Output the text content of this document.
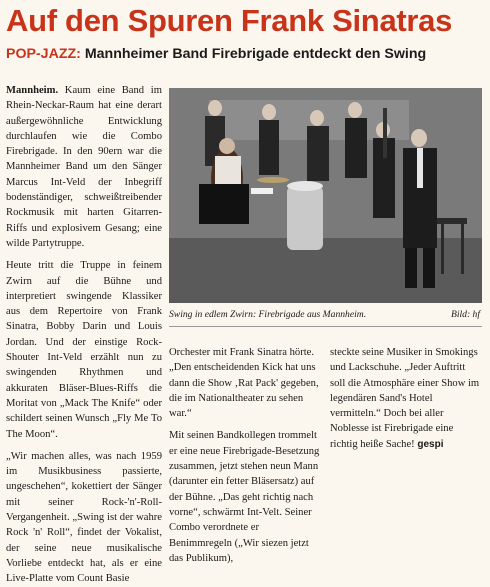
Auf den Spuren Frank Sinatras
POP-JAZZ: Mannheimer Band Firebrigade entdeckt den Swing

Mannheim. Kaum eine Band im Rhein-Neckar-Raum hat eine derart außergewöhnliche Entwicklung durchlaufen wie die Combo Firebrigade. In den 90ern war die Mannheimer Band um den Sänger Marcus Int-Veld der Inbegriff bodenständiger, schweißtreibender Rockmusik mit harten Gitarren-Riffs und explosivem Gesang; eine wilde Partytruppe.

Heute tritt die Truppe in feinem Zwirn auf die Bühne und interpretiert swingende Klassiker aus dem Repertoire von Frank Sinatra, Bobby Darin und Louis Jordan. Und der einstige Rock-Shouter Int-Veld erzählt nun zu swingenden Rhythmen und akkuraten Bläser-Blues-Riffs die Moritat von „Mack The Knife“ oder schildert seinen Wunsch „Fly Me To The Moon“.

„Wir machen alles, was nach 1959 im Musikbusiness passierte, ungeschehen“, kokettiert der Sänger mit seiner Rock-'n'-Roll-Vergangenheit. „Swing ist der wahre Rock 'n' Roll“, findet der Vokalist, der seine neue musikalische Vorliebe entdeckt hat, als er eine Live-Platte vom Count Basie

Swing in edlem Zwirn: Firebrigade aus Mannheim.	Bild: hf

Orchester mit Frank Sinatra hörte. „Den entscheidenden Kick hat uns dann die Show ‚Rat Pack' gegeben, die im Nationaltheater zu sehen war.“

Mit seinen Bandkollegen trommelt er eine neue Firebrigade-Besetzung zusammen, jetzt stehen neun Mann (darunter ein fetter Bläsersatz) auf der Bühne. „Das geht richtig nach vorne“, schwärmt Int-Velt. Seiner Combo verordnete er Benimmregeln („Wir siezen jetzt das Publikum),

steckte seine Musiker in Smokings und Lackschuhe. „Jeder Auftritt soll die Atmosphäre einer Show im legendären Sand's Hotel vermitteln.“ Doch bei aller Noblesse ist Firebrigade eine richtig heiße Sache! gespi
